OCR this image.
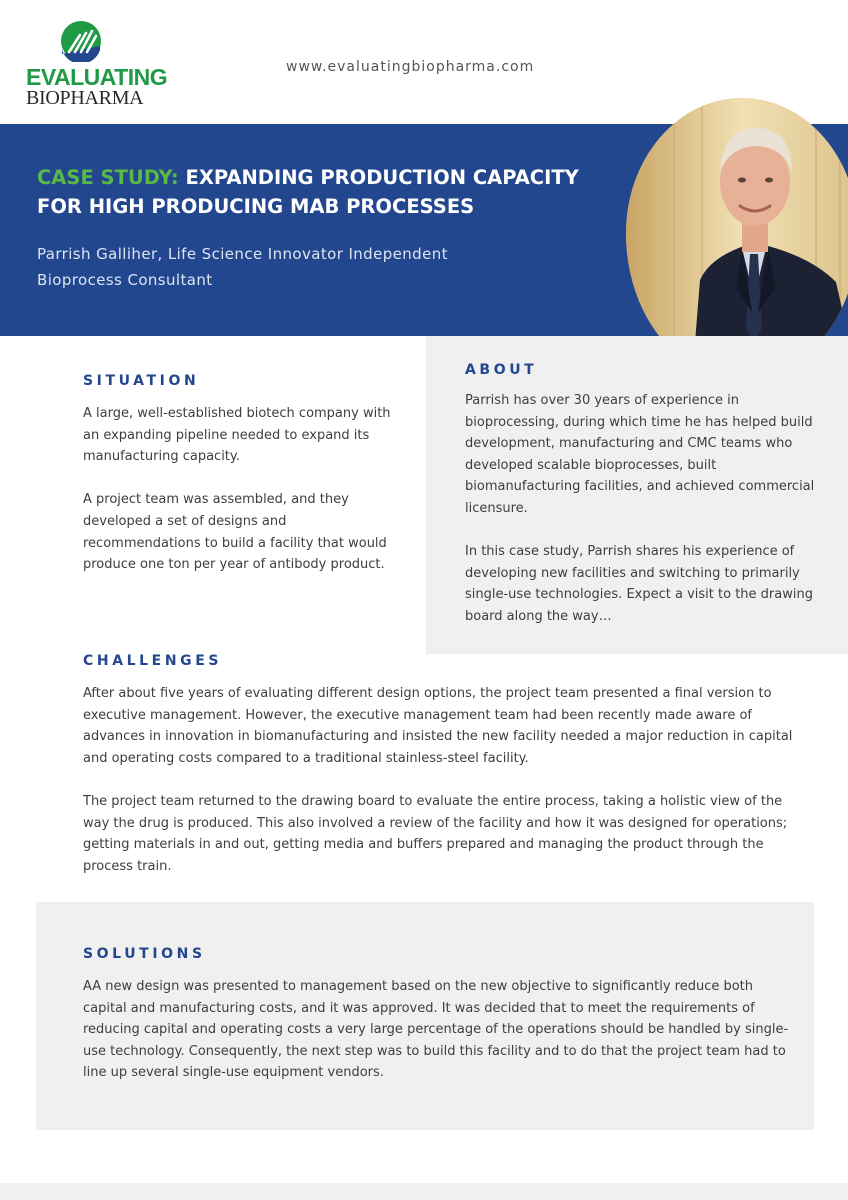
EVALUATING
BIOPHARMA
www.evaluatingbiopharma.com
CASE STUDY: EXPANDING PRODUCTION CAPACITY FOR HIGH PRODUCING MAB PROCESSES
Parrish Galliher, Life Science Innovator Independent
Bioprocess Consultant
SITUATION

A large, well-established biotech company with an expanding pipeline needed to expand its manufacturing capacity.

A project team was assembled, and they developed a set of designs and recommendations to build a facility that would produce one ton per year of antibody product.

ABOUT

Parrish has over 30 years of experience in bioprocessing, during which time he has helped build development, manufacturing and CMC teams who developed scalable bioprocesses, built biomanufacturing facilities, and achieved commercial licensure.

In this case study, Parrish shares his experience of developing new facilities and switching to primarily single-use technologies. Expect a visit to the drawing board along the way…

CHALLENGES

After about five years of evaluating different design options, the project team presented a final version to executive management. However, the executive management team had been recently made aware of advances in innovation in biomanufacturing and insisted the new facility needed a major reduction in capital and operating costs compared to a traditional stainless-steel facility.

The project team returned to the drawing board to evaluate the entire process, taking a holistic view of the way the drug is produced. This also involved a review of the facility and how it was designed for operations; getting materials in and out, getting media and buffers prepared and managing the product through the process train.

SOLUTIONS

AA new design was presented to management based on the new objective to significantly reduce both capital and manufacturing costs, and it was approved. It was decided that to meet the requirements of reducing capital and operating costs a very large percentage of the operations should be handled by single-use technology. Consequently, the next step was to build this facility and to do that the project team had to line up several single-use equipment vendors.
